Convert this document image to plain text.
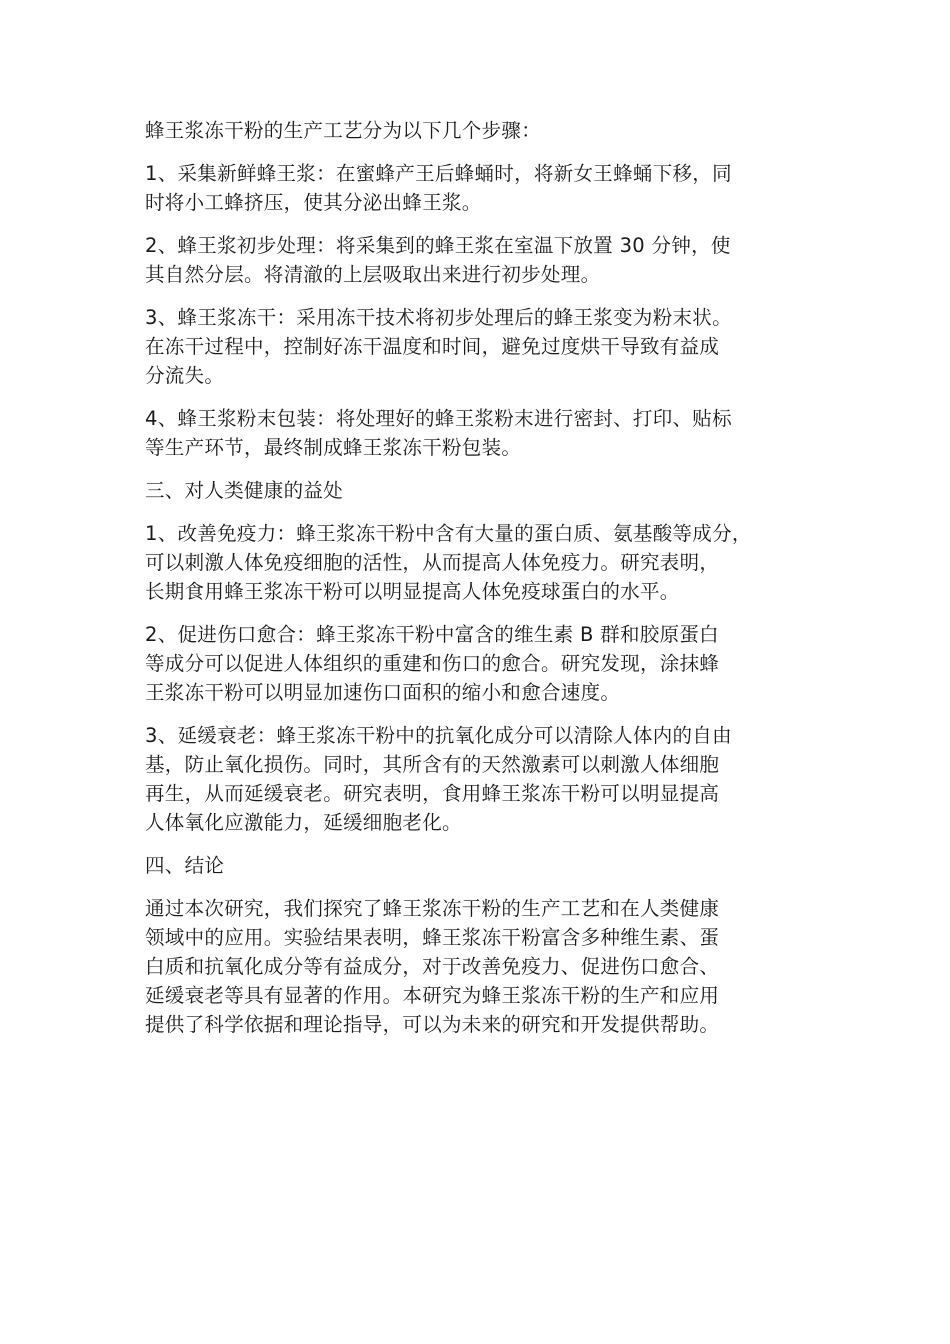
蜂王浆冻干粉的生产工艺分为以下几个步骤：

1、采集新鲜蜂王浆：在蜜蜂产王后蜂蛹时，将新女王蜂蛹下移，同
时将小工蜂挤压，使其分泌出蜂王浆。

2、蜂王浆初步处理：将采集到的蜂王浆在室温下放置 30 分钟，使
其自然分层。将清澈的上层吸取出来进行初步处理。

3、蜂王浆冻干：采用冻干技术将初步处理后的蜂王浆变为粉末状。
在冻干过程中，控制好冻干温度和时间，避免过度烘干导致有益成
分流失。

4、蜂王浆粉末包装：将处理好的蜂王浆粉末进行密封、打印、贴标
等生产环节，最终制成蜂王浆冻干粉包装。

三、对人类健康的益处

1、改善免疫力：蜂王浆冻干粉中含有大量的蛋白质、氨基酸等成分，
可以刺激人体免疫细胞的活性，从而提高人体免疫力。研究表明，
长期食用蜂王浆冻干粉可以明显提高人体免疫球蛋白的水平。

2、促进伤口愈合：蜂王浆冻干粉中富含的维生素 B 群和胶原蛋白
等成分可以促进人体组织的重建和伤口的愈合。研究发现，涂抹蜂
王浆冻干粉可以明显加速伤口面积的缩小和愈合速度。

3、延缓衰老：蜂王浆冻干粉中的抗氧化成分可以清除人体内的自由
基，防止氧化损伤。同时，其所含有的天然激素可以刺激人体细胞
再生，从而延缓衰老。研究表明，食用蜂王浆冻干粉可以明显提高
人体氧化应激能力，延缓细胞老化。

四、结论

通过本次研究，我们探究了蜂王浆冻干粉的生产工艺和在人类健康
领域中的应用。实验结果表明，蜂王浆冻干粉富含多种维生素、蛋
白质和抗氧化成分等有益成分，对于改善免疫力、促进伤口愈合、
延缓衰老等具有显著的作用。本研究为蜂王浆冻干粉的生产和应用
提供了科学依据和理论指导，可以为未来的研究和开发提供帮助。
